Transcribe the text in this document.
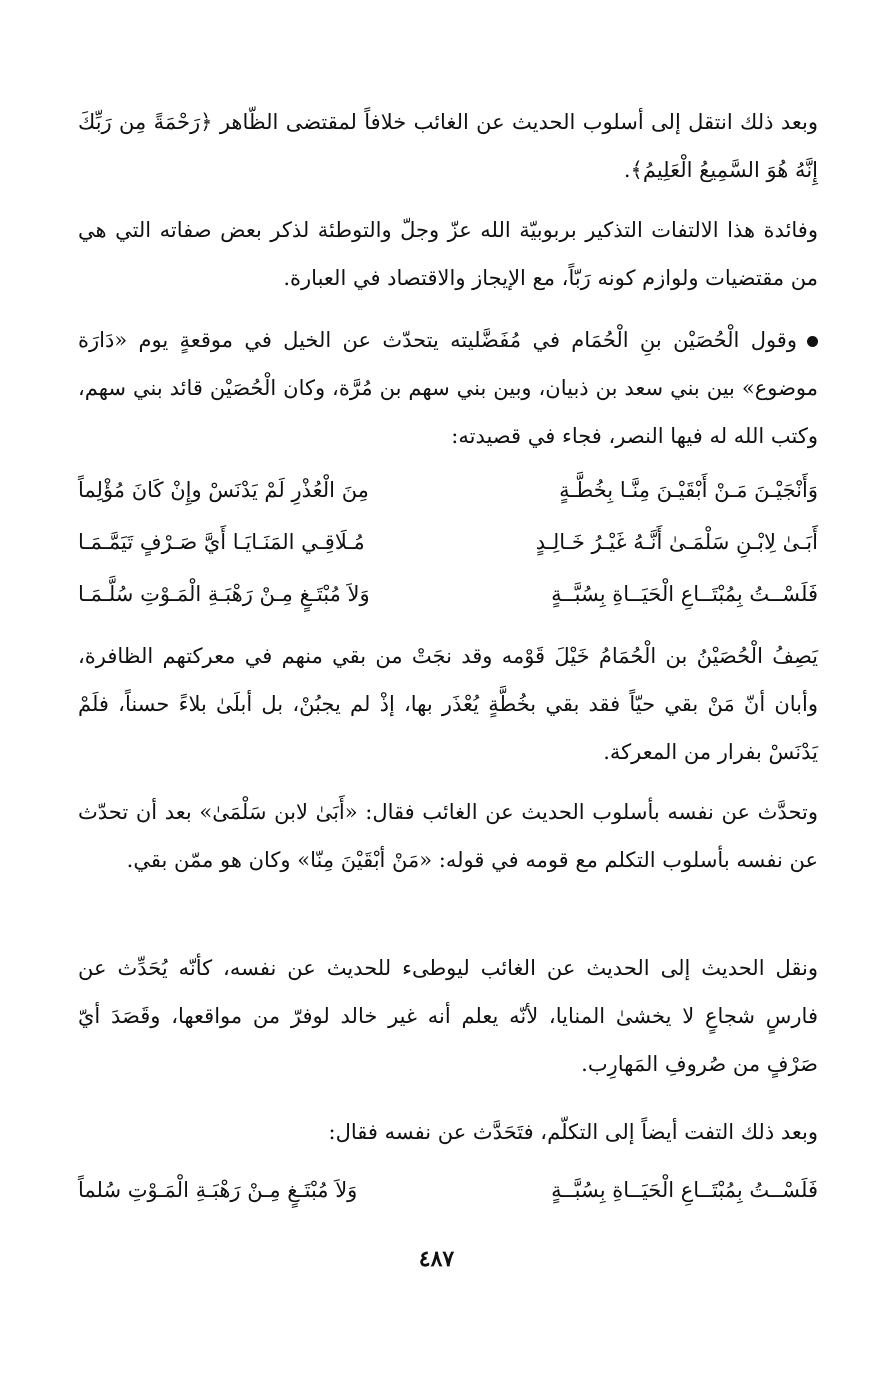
وبعد ذلك انتقل إلى أسلوب الحديث عن الغائب خلافاً لمقتضى الظّاهر ﴿رَحْمَةً مِن رَبِّكَ إِنَّهُ هُوَ السَّمِيعُ الْعَلِيمُ﴾.

وفائدة هذا الالتفات التذكير بربوبيّة الله عزّ وجلّ والتوطئة لذكر بعض صفاته التي هي من مقتضيات ولوازم كونه رَبّاً، مع الإيجاز والاقتصاد في العبارة.

وقول الْحُصَيْن بنِ الْحُمَام في مُفَضَّليته يتحدّث عن الخيل في موقعةٍ يوم «دَارَة موضوع» بين بني سعد بن ذبيان، وبين بني سهم بن مُرَّة، وكان الْحُصَيْن قائد بني سهم، وكتب الله له فيها النصر، فجاء في قصيدته:

وَأَنْجَيْـنَ مَـنْ أَبْقَيْـنَ مِنَّـا بِخُطَّـةٍ
مِنَ الْعُذْرِ لَمْ يَدْنَسْ وإِنْ كَانَ مُؤْلِماً
أَبَـىٰ لِابْـنِ سَلْمَـىٰ أَنَّـهُ غَيْـرُ خَـالِـدٍ
مُـلَاقِـي المَنَـايَـا أَيَّ صَـرْفٍ تَيَمَّـمَـا
فَلَسْــتُ بِمُبْتَــاعِ الْحَيَــاةِ بِسُبَّــةٍ
وَلاَ مُبْتَـغٍ مِـنْ رَهْبَـةِ الْمَـوْتِ سُلَّـمَـا

يَصِفُ الْحُصَيْنُ بن الْحُمَامُ خَيْلَ قَوْمه وقد نجَتْ من بقي منهم في معركتهم الظافرة، وأبان أنّ مَنْ بقي حيّاً فقد بقي بخُطَّةٍ يُعْذَر بها، إذْ لم يجبُنْ، بل أبلَىٰ بلاءً حسناً، فلَمْ يَدْنَسْ بفرار من المعركة.

وتحدَّث عن نفسه بأسلوب الحديث عن الغائب فقال: «أَبَىٰ لابن سَلْمَىٰ» بعد أن تحدّث عن نفسه بأسلوب التكلم مع قومه في قوله: «مَنْ أبْقَيْنَ مِنّا» وكان هو ممّن بقي.

ونقل الحديث إلى الحديث عن الغائب ليوطىء للحديث عن نفسه، كأنّه يُحَدِّث عن فارسٍ شجاعٍ لا يخشىٰ المنايا، لأنّه يعلم أنه غير خالد لوفرّ من مواقعها، وقَصَدَ أيّ صَرْفٍ من صُروفِ المَهارِب.

وبعد ذلك التفت أيضاً إلى التكلّم، فتَحَدَّث عن نفسه فقال:

فَلَسْــتُ بِمُبْتَــاعِ الْحَيَــاةِ بِسُبَّــةٍ
وَلاَ مُبْتَـغٍ مِـنْ رَهْبَـةِ الْمَـوْتِ سُلماً
٤٨٧
